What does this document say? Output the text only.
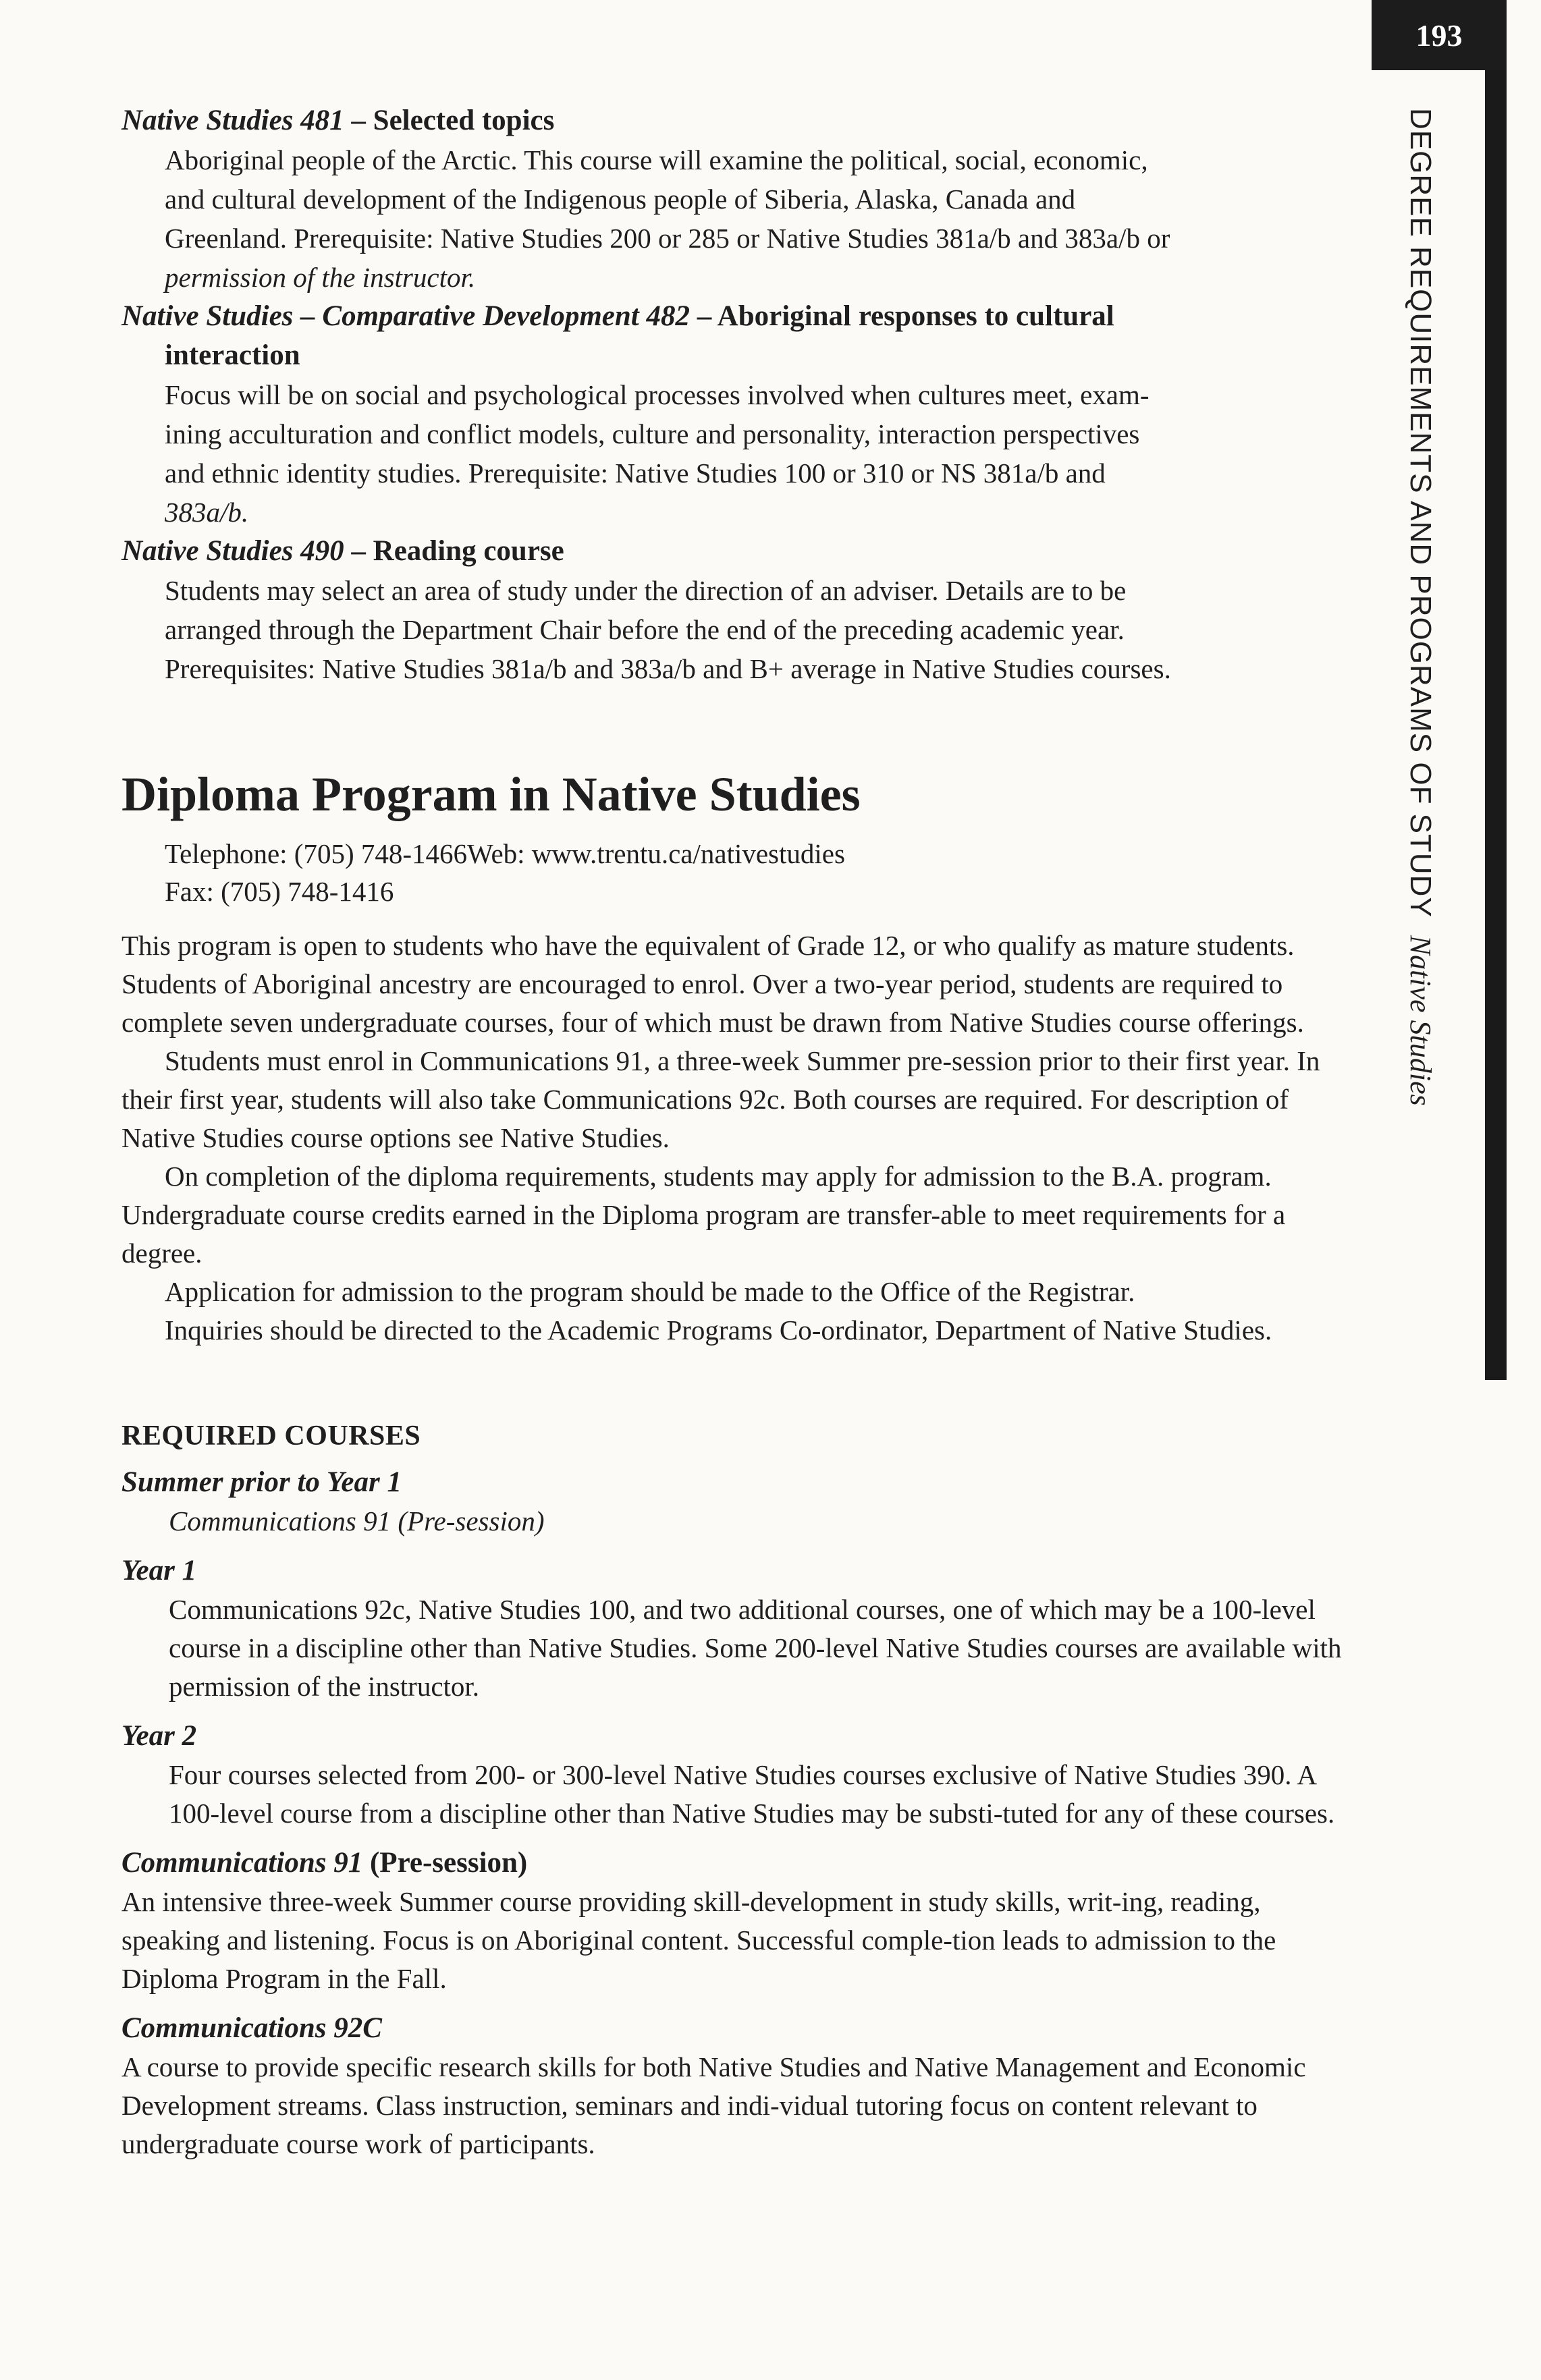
193
DEGREE REQUIREMENTS AND PROGRAMS OF STUDYNative Studies

Native Studies 481 – Selected topics

Aboriginal people of the Arctic. This course will examine the political, social, economic,
and cultural development of the Indigenous people of Siberia, Alaska, Canada and
Greenland. Prerequisite: Native Studies 200 or 285 or Native Studies 381a/b and 383a/b or
permission of the instructor.

Native Studies – Comparative Development 482 – Aboriginal responses to cultural

interaction

Focus will be on social and psychological processes involved when cultures meet, exam-
ining acculturation and conflict models, culture and personality, interaction perspectives
and ethnic identity studies. Prerequisite: Native Studies 100 or 310 or NS 381a/b and
383a/b.

Native Studies 490 – Reading course

Students may select an area of study under the direction of an adviser. Details are to be
arranged through the Department Chair before the end of the preceding academic year.
Prerequisites: Native Studies 381a/b and 383a/b and B+ average in Native Studies courses.
Diploma Program in Native Studies
Telephone: (705) 748-1466Web: www.trentu.ca/nativestudies
Fax: (705) 748-1416

This program is open to students who have the equivalent of Grade 12, or who qualify as mature students. Students of Aboriginal ancestry are encouraged to enrol. Over a two-year period, students are required to complete seven undergraduate courses, four of which must be drawn from Native Studies course offerings.

Students must enrol in Communications 91, a three-week Summer pre-session prior to their first year. In their first year, students will also take Communications 92c. Both courses are required. For description of Native Studies course options see Native Studies.

On completion of the diploma requirements, students may apply for admission to the B.A. program. Undergraduate course credits earned in the Diploma program are transfer-able to meet requirements for a degree.

Application for admission to the program should be made to the Office of the Registrar.

Inquiries should be directed to the Academic Programs Co-ordinator, Department of Native Studies.

REQUIRED COURSES
Summer prior to Year 1
Communications 91 (Pre-session)
Year 1
Communications 92c, Native Studies 100, and two additional courses, one of which may be a 100-level course in a discipline other than Native Studies. Some 200-level Native Studies courses are available with permission of the instructor.
Year 2
Four courses selected from 200- or 300-level Native Studies courses exclusive of Native Studies 390. A 100-level course from a discipline other than Native Studies may be substi-tuted for any of these courses.
Communications 91 (Pre-session)
An intensive three-week Summer course providing skill-development in study skills, writ-ing, reading, speaking and listening. Focus is on Aboriginal content. Successful comple-tion leads to admission to the Diploma Program in the Fall.
Communications 92C
A course to provide specific research skills for both Native Studies and Native Management and Economic Development streams. Class instruction, seminars and indi-vidual tutoring focus on content relevant to undergraduate course work of participants.
